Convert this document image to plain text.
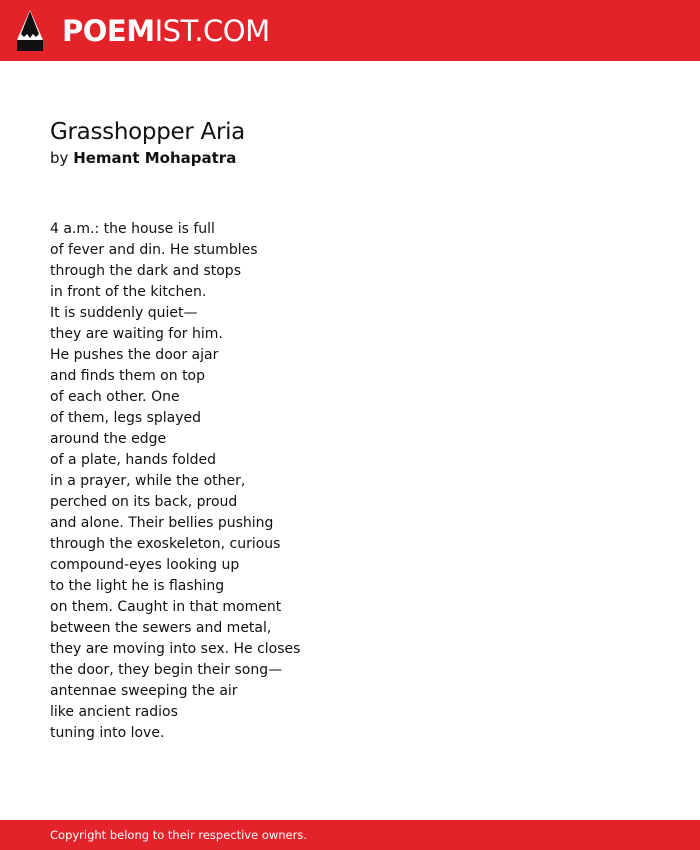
POEMIST.COM
Grasshopper Aria
by Hemant Mohapatra
4 a.m.: the house is full
of fever and din. He stumbles
through the dark and stops
in front of the kitchen.
It is suddenly quiet—
they are waiting for him.
He pushes the door ajar
and finds them on top
of each other. One
of them, legs splayed
around the edge
of a plate, hands folded
in a prayer, while the other,
perched on its back, proud
and alone. Their bellies pushing
through the exoskeleton, curious
compound-eyes looking up
to the light he is flashing
on them. Caught in that moment
between the sewers and metal,
they are moving into sex. He closes
the door, they begin their song—
antennae sweeping the air
like ancient radios
tuning into love.
Copyright belong to their respective owners.
